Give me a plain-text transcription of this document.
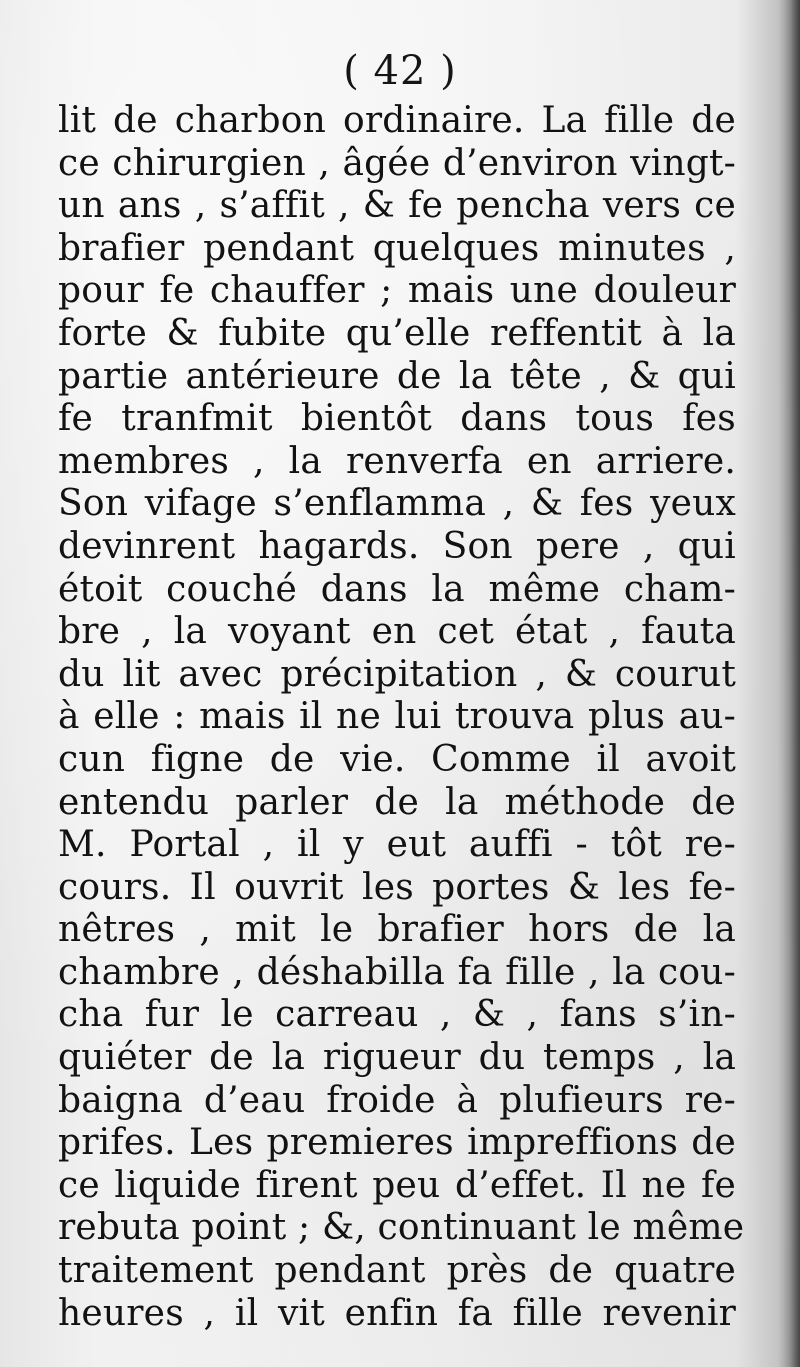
( 42 )
lit de charbon ordinaire. La fille de
ce chirurgien , âgée d’environ vingt-
un ans , s’affit , & fe pencha vers ce
brafier pendant quelques minutes ,
pour fe chauffer ; mais une douleur
forte & fubite qu’elle reffentit à la
partie antérieure de la tête , & qui
fe tranfmit bientôt dans tous fes
membres , la renverfa en arriere.
Son vifage s’enflamma , & fes yeux
devinrent hagards. Son pere , qui
étoit couché dans la même cham-
bre , la voyant en cet état , fauta
du lit avec précipitation , & courut
à elle : mais il ne lui trouva plus au-
cun figne de vie. Comme il avoit
entendu parler de la méthode de
M. Portal , il y eut auffi - tôt re-
cours. Il ouvrit les portes & les fe-
nêtres , mit le brafier hors de la
chambre , déshabilla fa fille , la cou-
cha fur le carreau , & , fans s’in-
quiéter de la rigueur du temps , la
baigna d’eau froide à plufieurs re-
prifes. Les premieres impreffions de
ce liquide firent peu d’effet. Il ne fe
rebuta point ; &, continuant le même
traitement pendant près de quatre
heures , il vit enfin fa fille revenir
